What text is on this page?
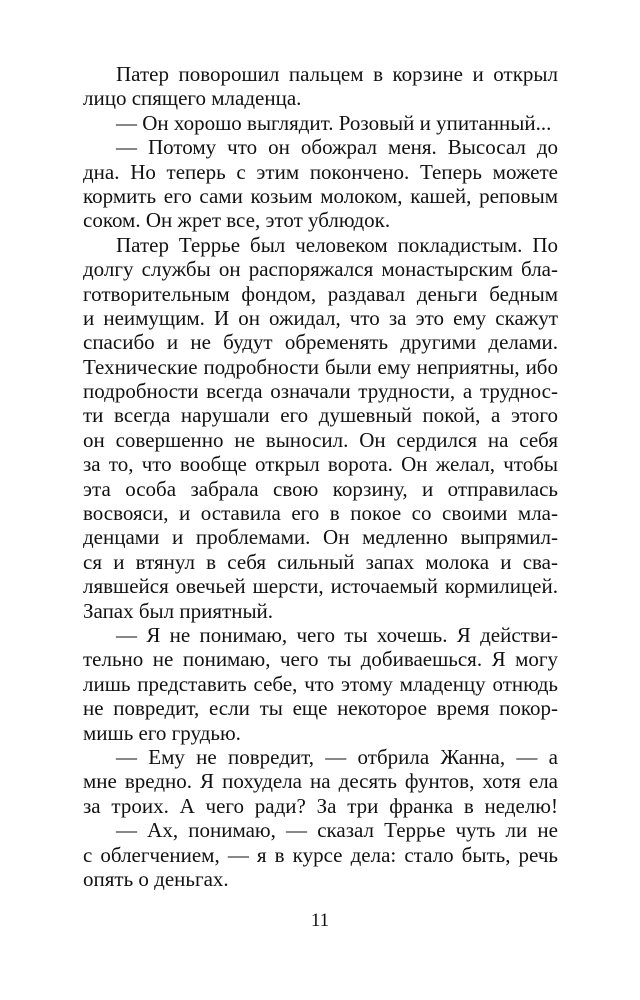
Патер поворошил пальцем в корзине и открыл
лицо спящего младенца.
— Он хорошо выглядит. Розовый и упитанный...
— Потому что он обожрал меня. Высосал до
дна. Но теперь с этим покончено. Теперь можете
кормить его сами козьим молоком, кашей, реповым
соком. Он жрет все, этот ублюдок.
Патер Террье был человеком покладистым. По
долгу службы он распоряжался монастырским бла-
готворительным фондом, раздавал деньги бедным
и неимущим. И он ожидал, что за это ему скажут
спасибо и не будут обременять другими делами.
Технические подробности были ему неприятны, ибо
подробности всегда означали трудности, а труднос-
ти всегда нарушали его душевный покой, а этого
он совершенно не выносил. Он сердился на себя
за то, что вообще открыл ворота. Он желал, чтобы
эта особа забрала свою корзину, и отправилась
восвояси, и оставила его в покое со своими мла-
денцами и проблемами. Он медленно выпрямил-
ся и втянул в себя сильный запах молока и сва-
лявшейся овечьей шерсти, источаемый кормилицей.
Запах был приятный.
— Я не понимаю, чего ты хочешь. Я действи-
тельно не понимаю, чего ты добиваешься. Я могу
лишь представить себе, что этому младенцу отнюдь
не повредит, если ты еще некоторое время покор-
мишь его грудью.
— Ему не повредит, — отбрила Жанна, — а
мне вредно. Я похудела на десять фунтов, хотя ела
за троих. А чего ради? За три франка в неделю!
— Ах, понимаю, — сказал Террье чуть ли не
с облегчением, — я в курсе дела: стало быть, речь
опять о деньгах.
11
